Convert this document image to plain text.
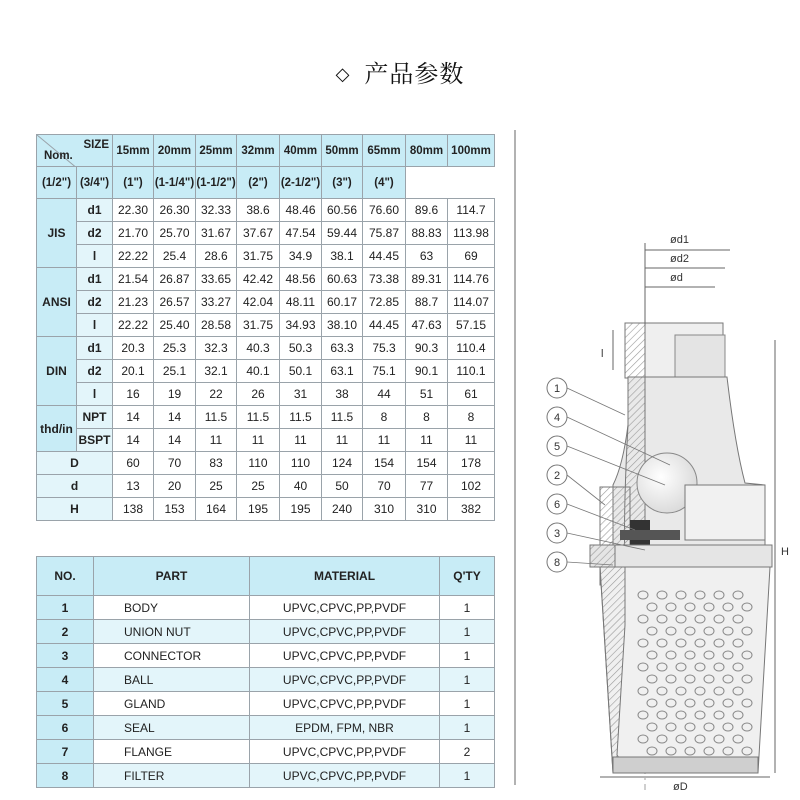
◇ 产品参数
SIZE
Nom.		15mm	20mm	25mm	32mm	40mm	50mm	65mm	80mm	100mm
(1/2")	(3/4")	(1")	(1-1/4")	(1-1/2")	(2")	(2-1/2")	(3")	(4")		
JIS	d1	22.30	26.30	32.33	38.6	48.46	60.56	76.60	89.6	114.7
	d2	21.70	25.70	31.67	37.67	47.54	59.44	75.87	88.83	113.98
	l	22.22	25.4	28.6	31.75	34.9	38.1	44.45	63	69
ANSI	d1	21.54	26.87	33.65	42.42	48.56	60.63	73.38	89.31	114.76
	d2	21.23	26.57	33.27	42.04	48.11	60.17	72.85	88.7	114.07
	l	22.22	25.40	28.58	31.75	34.93	38.10	44.45	47.63	57.15
DIN	d1	20.3	25.3	32.3	40.3	50.3	63.3	75.3	90.3	110.4
	d2	20.1	25.1	32.1	40.1	50.1	63.1	75.1	90.1	110.1
	l	16	19	22	26	31	38	44	51	61
thd/in	NPT	14	14	11.5	11.5	11.5	11.5	8	8	8
	BSPT	14	14	11	11	11	11	11	11	11
D		60	70	83	110	110	124	154	154	178
d		13	20	25	25	40	50	70	77	102
H		138	153	164	195	195	240	310	310	382
NO.	PART	MATERIAL	Q'TY
1	BODY	UPVC,CPVC,PP,PVDF	1
2	UNION NUT	UPVC,CPVC,PP,PVDF	1
3	CONNECTOR	UPVC,CPVC,PP,PVDF	1
4	BALL	UPVC,CPVC,PP,PVDF	1
5	GLAND	UPVC,CPVC,PP,PVDF	1
6	SEAL	EPDM, FPM, NBR	1
7	FLANGE	UPVC,CPVC,PP,PVDF	2
8	FILTER	UPVC,CPVC,PP,PVDF	1
ød1
ød2
ød
l
H
øD
1
4
5
2
6
3
8
